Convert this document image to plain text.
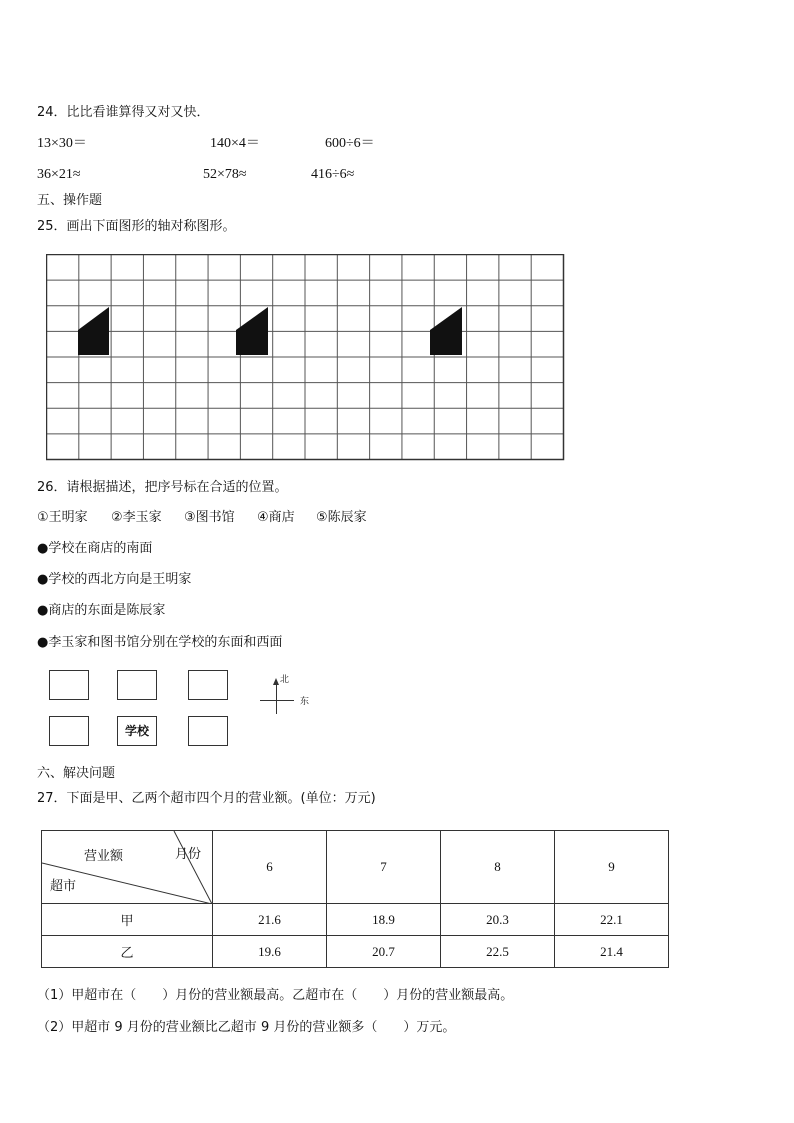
24．比比看谁算得又对又快．
13×30＝	140×4＝	600÷6＝
36×21≈	52×78≈	416÷6≈
五、操作题
25．画出下面图形的轴对称图形。
26．请根据描述，把序号标在合适的位置。
①王明家 ②李玉家 ③图书馆 ④商店 ⑤陈辰家
●学校在商店的南面
●学校的西北方向是王明家
●商店的东面是陈辰家
●李玉家和图书馆分别在学校的东面和西面
学校
北
东
六、解决问题
27．下面是甲、乙两个超市四个月的营业额。(单位：万元)
营业额 月份
超市	6	7	8	9
甲	21.6	18.9	20.3	22.1
乙	19.6	20.7	22.5	21.4
（1）甲超市在（　　）月份的营业额最高。乙超市在（　　）月份的营业额最高。
（2）甲超市 9 月份的营业额比乙超市 9 月份的营业额多（　　）万元。
